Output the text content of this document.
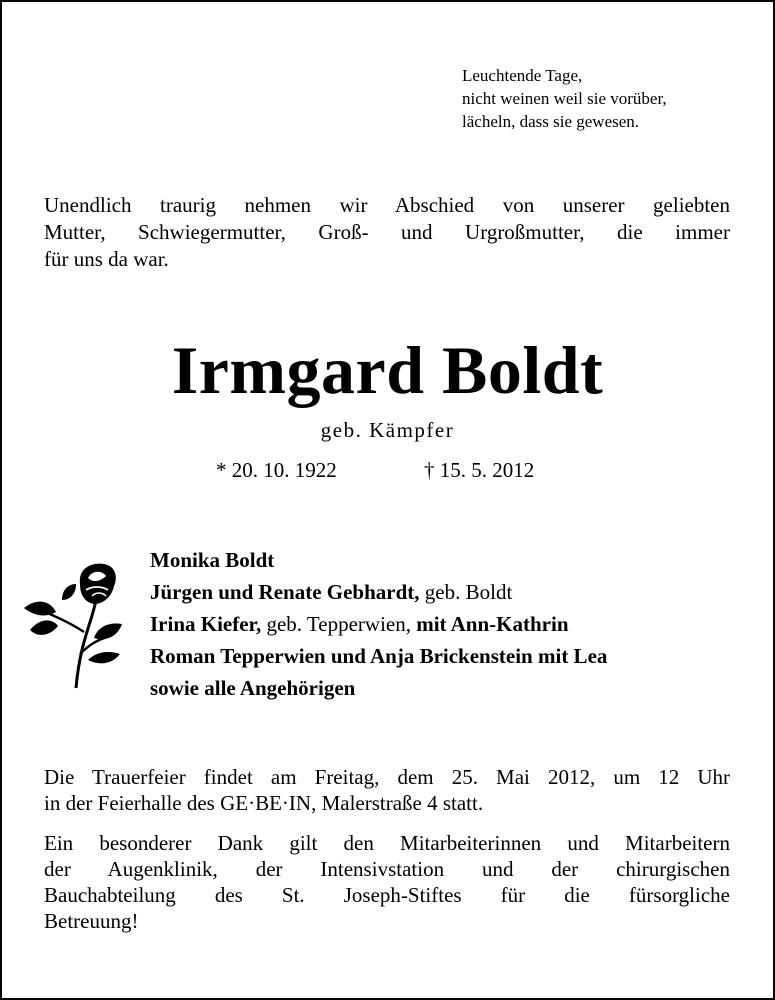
Leuchtende Tage,
nicht weinen weil sie vorüber,
lächeln, dass sie gewesen.
Unendlich traurig nehmen wir Abschied von unserer geliebten
Mutter, Schwiegermutter, Groß- und Urgroßmutter, die immer
für uns da war.
Irmgard Boldt
geb. Kämpfer
* 20. 10. 1922	† 15. 5. 2012
Monika Boldt
Jürgen und Renate Gebhardt, geb. Boldt
Irina Kiefer, geb. Tepperwien, mit Ann-Kathrin
Roman Tepperwien und Anja Brickenstein mit Lea
sowie alle Angehörigen
Die Trauerfeier findet am Freitag, dem 25. Mai 2012, um 12 Uhr
in der Feierhalle des GE·BE·IN, Malerstraße 4 statt.
Ein besonderer Dank gilt den Mitarbeiterinnen und Mitarbeitern
der Augenklinik, der Intensivstation und der chirurgischen
Bauchabteilung des St. Joseph-Stiftes für die fürsorgliche
Betreuung!
